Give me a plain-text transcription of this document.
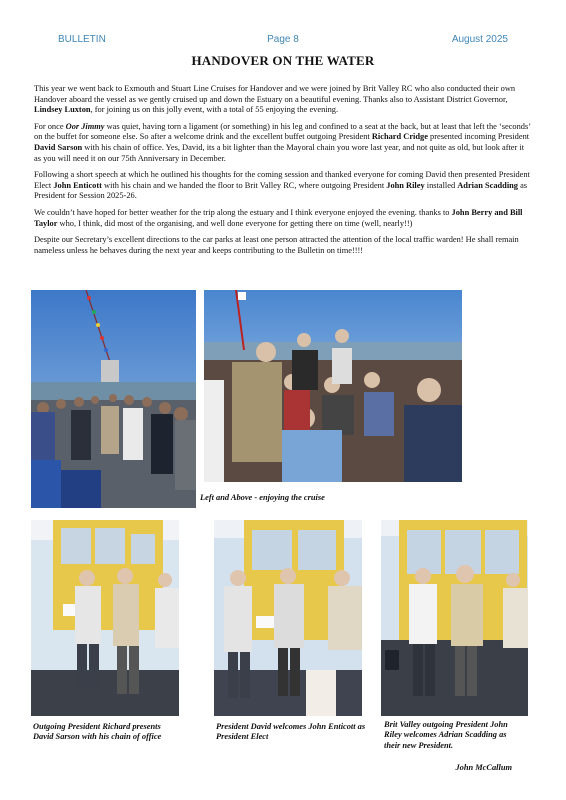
BULLETIN	Page 8	August 2025
HANDOVER ON THE WATER

This year we went back to Exmouth and Stuart Line Cruises for Handover and we were joined by Brit Valley RC who also conducted their own Handover aboard the vessel as we gently cruised up and down the Estuary on a beautiful evening. Thanks also to Assistant District Governor, Lindsey Luxton, for joining us on this jolly event, with a total of 55 enjoying the evening.

For once Oor Jimmy was quiet, having torn a ligament (or something) in his leg and confined to a seat at the back, but at least that left the ‘seconds’ on the buffet for someone else. So after a welcome drink and the excellent buffet outgoing President Richard Cridge presented incoming President David Sarson with his chain of office. Yes, David, its a bit lighter than the Mayoral chain you wore last year, and not quite as old, but look after it as you will need it on our 75th Anniversary in December.

Following a short speech at which he outlined his thoughts for the coming session and thanked everyone for coming David then presented President Elect John Enticott with his chain and we handed the floor to Brit Valley RC, where outgoing President John Riley installed Adrian Scadding as President for Session 2025-26.

We couldn’t have hoped for better weather for the trip along the estuary and I think everyone enjoyed the evening. thanks to John Berry and Bill Taylor who, I think, did most of the organising, and well done everyone for getting there on time (well, nearly!!)

Despite our Secretary’s excellent directions to the car parks at least one person attracted the attention of the local traffic warden! He shall remain nameless unless he behaves during the next year and keeps contributing to the Bulletin on time!!!!

Left and Above - enjoying the cruise
Outgoing President Richard presents David Sarson with his chain of office
President David welcomes John Enticott as President Elect
Brit Valley outgoing President John Riley welcomes Adrian Scadding as their new President.
John McCallum
